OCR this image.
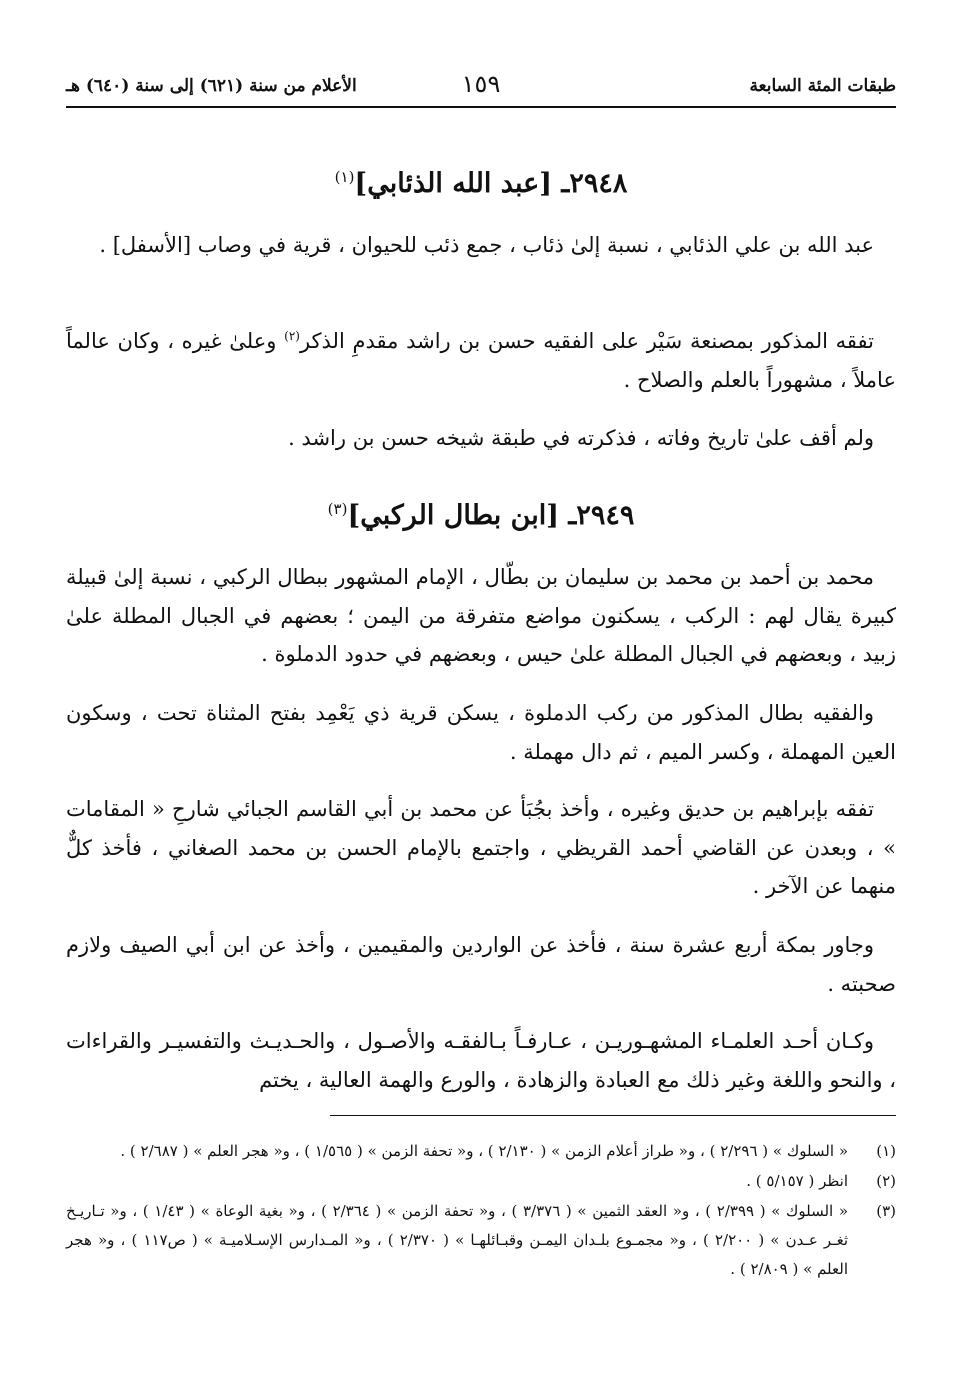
طبقات المئة السابعة
١٥٩
الأعلام من سنة (٦٢١) إلى سنة (٦٤٠) هـ
٢٩٤٨ـ [عبد الله الذئابي]$^{(١)}$

عبد الله بن علي الذئابي ، نسبة إلىٰ ذئاب ، جمع ذئب للحيوان ، قرية في وصاب [الأسفل] .

تفقه المذكور بمصنعة سَيْر على الفقيه حسن بن راشد مقدمِ الذكر$^{(٢)}$ وعلىٰ غيره ، وكان عالماً عاملاً ، مشهوراً بالعلم والصلاح .

ولم أقف علىٰ تاريخ وفاته ، فذكرته في طبقة شيخه حسن بن راشد .

٢٩٤٩ـ [ابن بطال الركبي]$^{(٣)}$

محمد بن أحمد بن محمد بن سليمان بن بطّال ، الإمام المشهور ببطال الركبي ، نسبة إلىٰ قبيلة كبيرة يقال لهم : الركب ، يسكنون مواضع متفرقة من اليمن ؛ بعضهم في الجبال المطلة علىٰ زبيد ، وبعضهم في الجبال المطلة علىٰ حيس ، وبعضهم في حدود الدملوة .

والفقيه بطال المذكور من ركب الدملوة ، يسكن قرية ذي يَعْمِد بفتح المثناة تحت ، وسكون العين المهملة ، وكسر الميم ، ثم دال مهملة .

تفقه بإبراهيم بن حديق وغيره ، وأخذ بجُبَأ عن محمد بن أبي القاسم الجبائي شارحِ « المقامات » ، وبعدن عن القاضي أحمد القريظي ، واجتمع بالإمام الحسن بن محمد الصغاني ، فأخذ كلٌّ منهما عن الآخر .

وجاور بمكة أربع عشرة سنة ، فأخذ عن الواردين والمقيمين ، وأخذ عن ابن أبي الصيف ولازم صحبته .

وكـان أحـد العلمـاء المشهـوريـن ، عـارفـاً بـالفقـه والأصـول ، والحـديـث والتفسيـر والقراءات ، والنحو واللغة وغير ذلك مع العبادة والزهادة ، والورع والهمة العالية ، يختم

(١)
« السلوك » ( ٢/٢٩٦ ) ، و« طراز أعلام الزمن » ( ٢/١٣٠ ) ، و« تحفة الزمن » ( ١/٥٦٥ ) ، و« هجر العلم » ( ٢/٦٨٧ ) .
(٢)
انظر ( ٥/١٥٧ ) .
(٣)
« السلوك » ( ٢/٣٩٩ ) ، و« العقد الثمين » ( ٣/٣٧٦ ) ، و« تحفة الزمن » ( ٢/٣٦٤ ) ، و« بغية الوعاة » ( ١/٤٣ ) ، و« تـاريـخ ثغـر عـدن » ( ٢/٢٠٠ ) ، و« مجمـوع بلـدان اليمـن وقبـائلهـا » ( ٢/٣٧٠ ) ، و« المـدارس الإسـلاميـة » ( ص١١٧ ) ، و« هجر العلم » ( ٢/٨٠٩ ) .
